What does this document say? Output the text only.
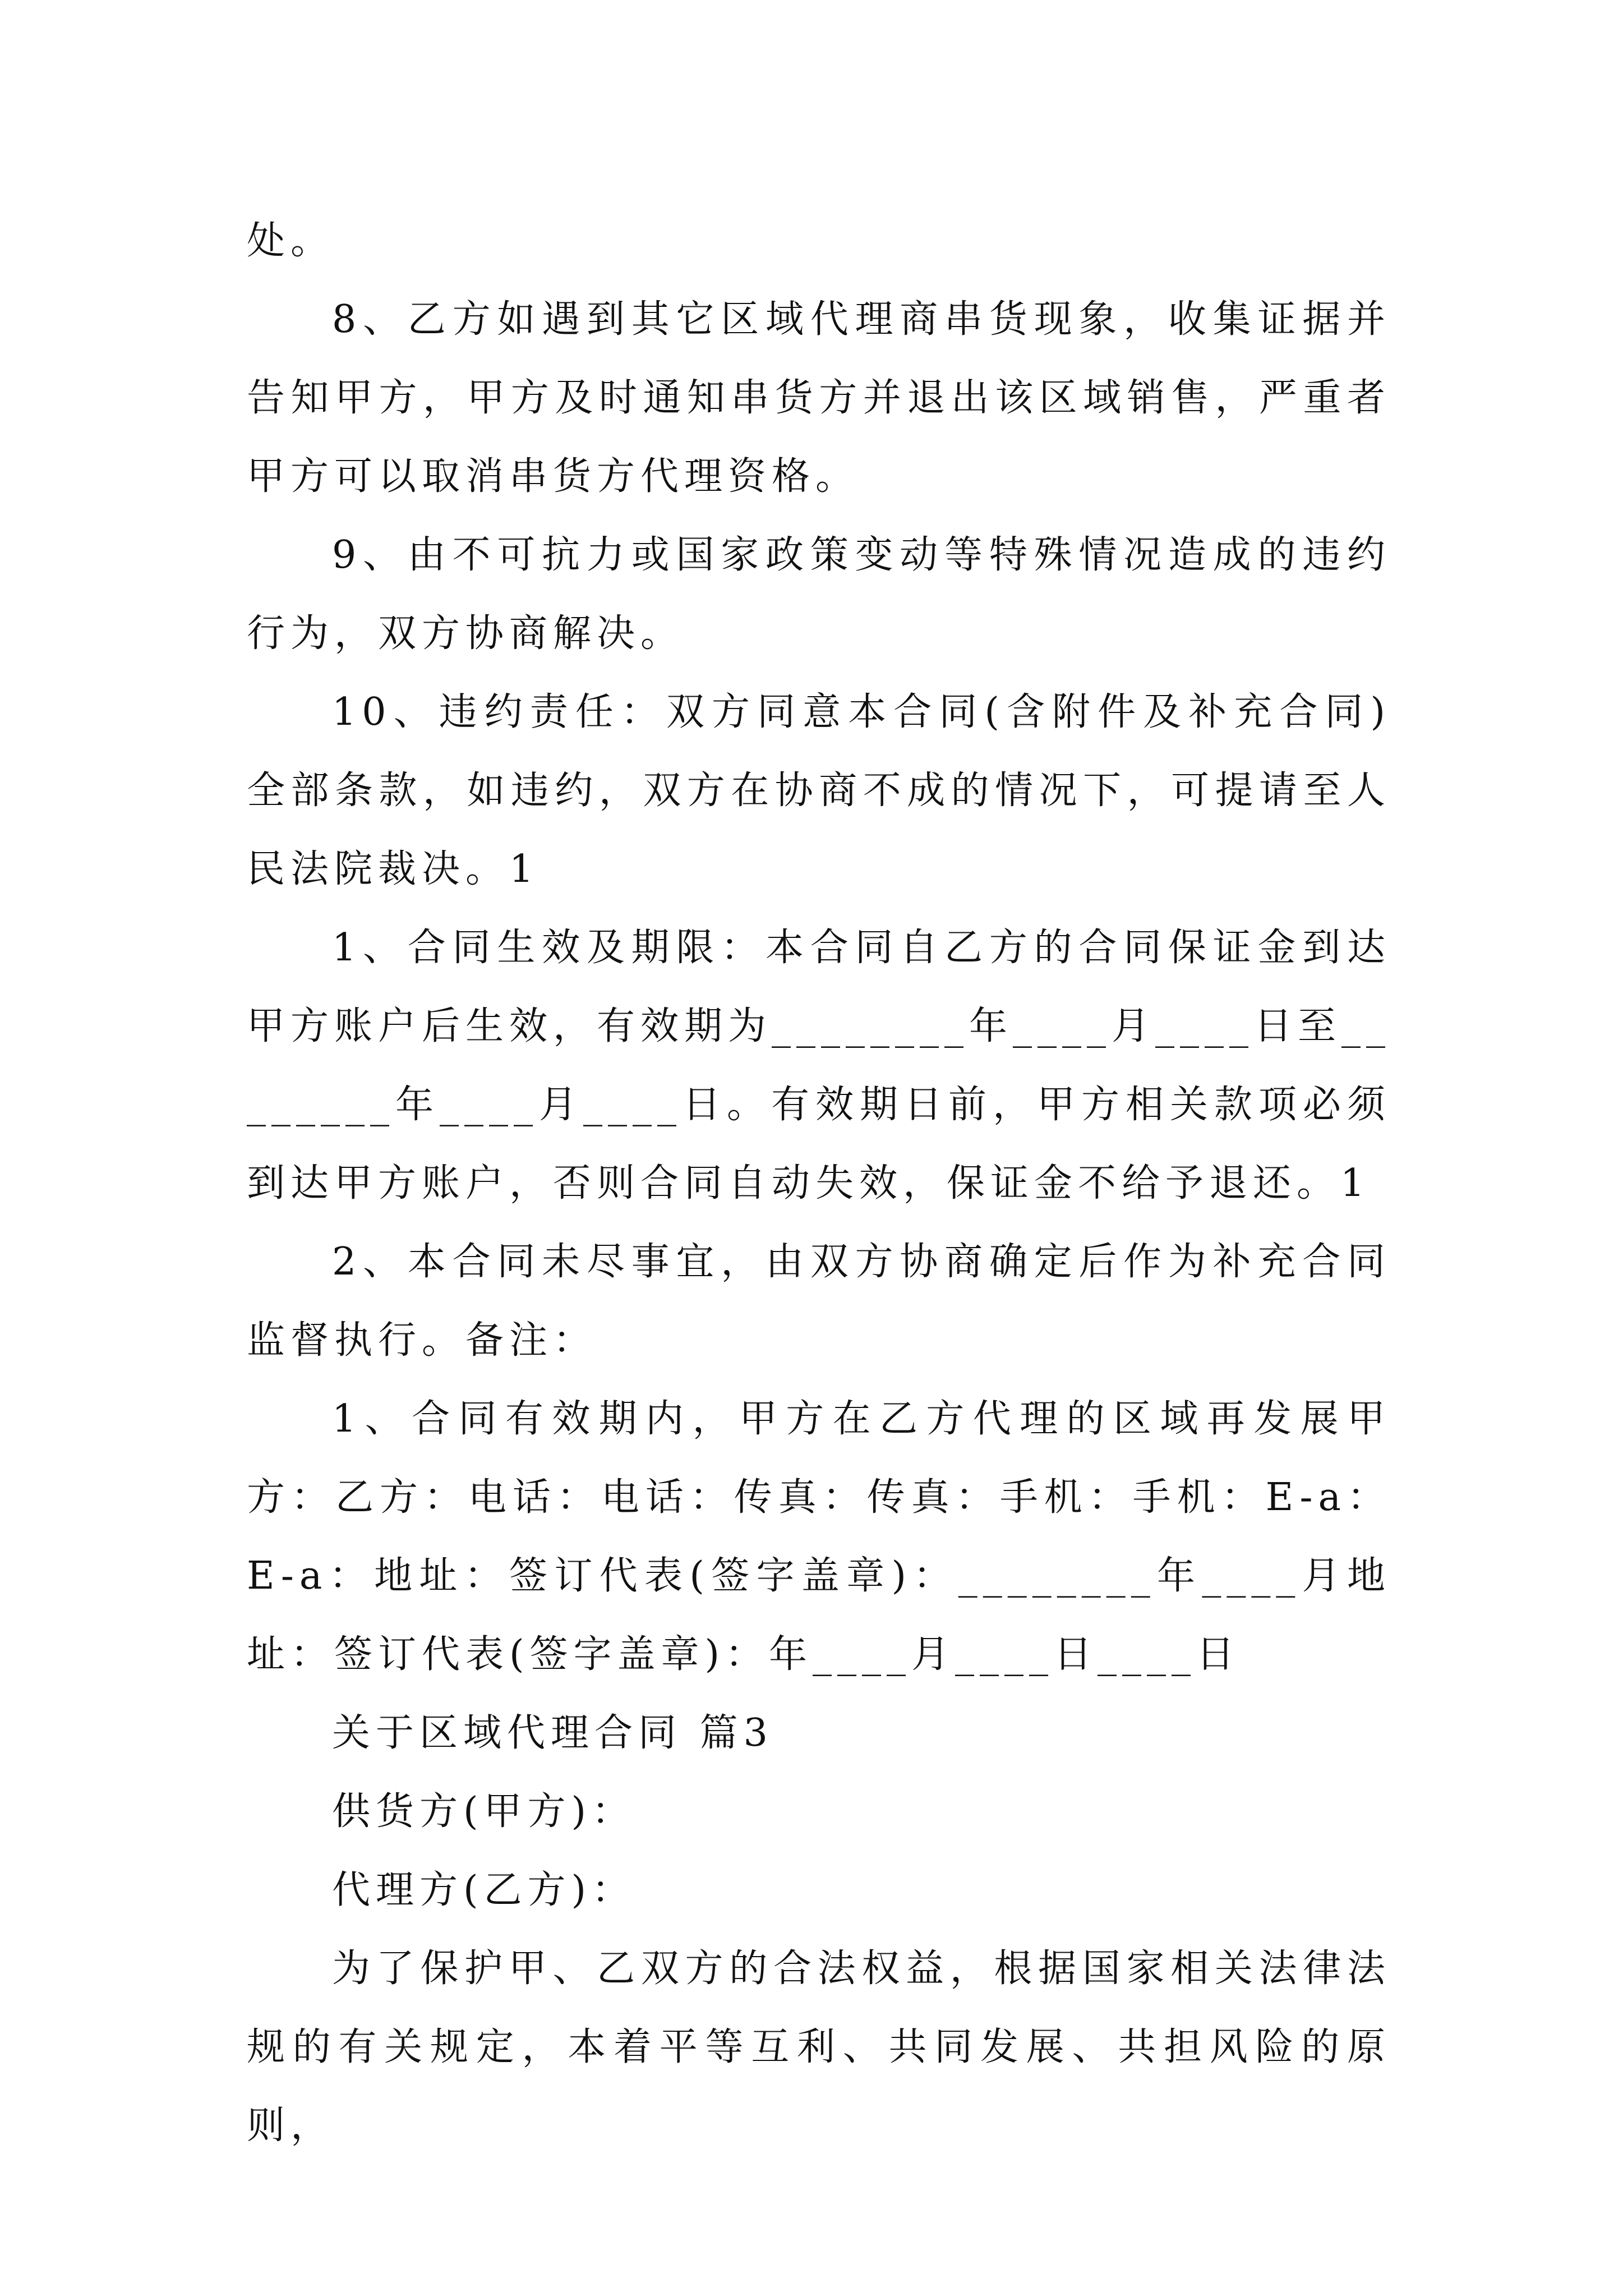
处。

8、乙方如遇到其它区域代理商串货现象，收集证据并告知甲方，甲方及时通知串货方并退出该区域销售，严重者甲方可以取消串货方代理资格。

9、由不可抗力或国家政策变动等特殊情况造成的违约行为，双方协商解决。

10、违约责任：双方同意本合同(含附件及补充合同)全部条款，如违约，双方在协商不成的情况下，可提请至人民法院裁决。1

1、合同生效及期限：本合同自乙方的合同保证金到达甲方账户后生效，有效期为________年____月____日至________年____月____日。有效期日前，甲方相关款项必须到达甲方账户，否则合同自动失效，保证金不给予退还。1

2、本合同未尽事宜，由双方协商确定后作为补充合同监督执行。备注：

1、合同有效期内，甲方在乙方代理的区域再发展甲方：乙方：电话：电话：传真：传真：手机：手机：E-a：E-a：地址：签订代表(签字盖章)：________年____月地址：签订代表(签字盖章)：年____月____日____日

关于区域代理合同 篇3

供货方(甲方)：

代理方(乙方)：

为了保护甲、乙双方的合法权益，根据国家相关法律法规的有关规定，本着平等互利、共同发展、共担风险的原则，
